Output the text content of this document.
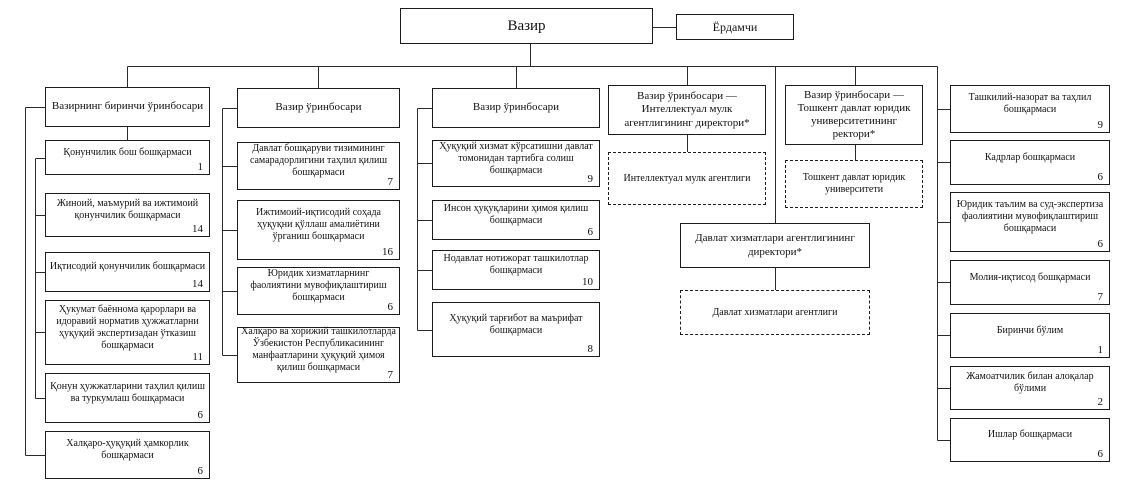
Вазир	Ёрдамчи
Вазирнинг биринчи ўринбосари
Қонунчилик бош бошқармаси
1
Жиноий, маъмурий ва ижтимоий қонунчилик бошқармаси
14
Иқтисодий қонунчилик бошқармаси
14
Ҳукумат баённома қарорлари ва идоравий норматив ҳужжатларни ҳуқуқий экспертизадан ўтказиш бошқармаси
11
Қонун ҳужжатларини таҳлил қилиш ва туркумлаш бошқармаси
6
Халқаро-ҳуқуқий ҳамкорлик бошқармаси
6
Вазир ўринбосари
Давлат бошқаруви тизимининг самарадорлигини таҳлил қилиш бошқармаси
7
Ижтимоий-иқтисодий соҳада ҳуқуқни қўллаш амалиётини ўрганиш бошқармаси
16
Юридик хизматларнинг фаолиятини мувофиқлаштириш бошқармаси
6
Халқаро ва хорижий ташкилотларда Ўзбекистон Республикасининг манфаатларини ҳуқуқий ҳимоя қилиш бошқармаси
7
Вазир ўринбосари
Ҳуқуқий хизмат кўрсатишни давлат томонидан тартибга солиш бошқармаси
9
Инсон ҳуқуқларини ҳимоя қилиш бошқармаси
6
Нодавлат нотижорат ташкилотлар бошқармаси
10
Ҳуқуқий тарғибот ва маърифат бошқармаси
8
Вазир ўринбосари — Интеллектуал мулк агентлигининг директори*
Интеллектуал мулк агентлиги
Вазир ўринбосари — Тошкент давлат юридик университетининг ректори*
Тошкент давлат юридик университети
Давлат хизматлари агентлигининг директори*
Давлат хизматлари агентлиги
Ташкилий-назорат ва таҳлил бошқармаси
9
Кадрлар бошқармаси
6
Юридик таълим ва суд-экспертиза фаолиятини мувофиқлаштириш бошқармаси
6
Молия-иқтисод бошқармаси
7
Биринчи бўлим
1
Жамоатчилик билан алоқалар бўлими
2
Ишлар бошқармаси
6
